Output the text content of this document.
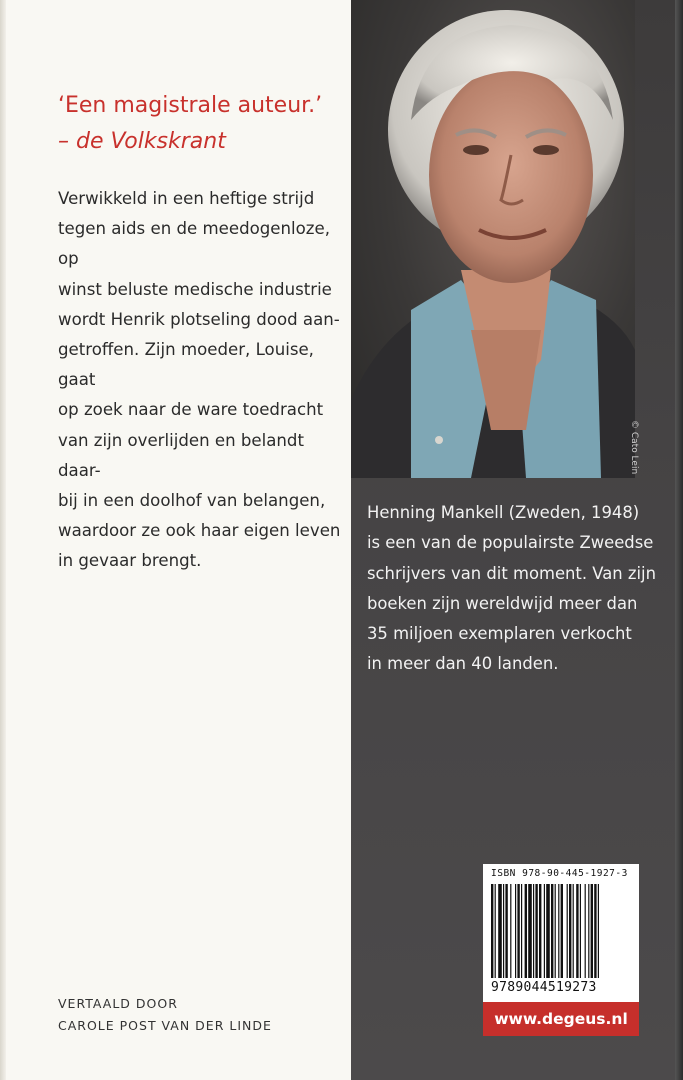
‘Een magistrale auteur.’
– de Volkskrant

Verwikkeld in een heftige strijd

tegen aids en de meedogenloze, op

winst beluste medische industrie

wordt Henrik plotseling dood aan-

getroffen. Zijn moeder, Louise, gaat

op zoek naar de ware toedracht

van zijn overlijden en belandt daar-

bij in een doolhof van belangen,

waardoor ze ook haar eigen leven

in gevaar brengt.

VERTAALD DOOR
CAROLE POST VAN DER LINDE
© Cato Lein
Henning Mankell (Zweden, 1948)
is een van de populairste Zweedse
schrijvers van dit moment. Van zijn
boeken zijn wereldwijd meer dan
35 miljoen exemplaren verkocht
in meer dan 40 landen.
ISBN 978-90-445-1927-3
9789044519273
www.degeus.nl
